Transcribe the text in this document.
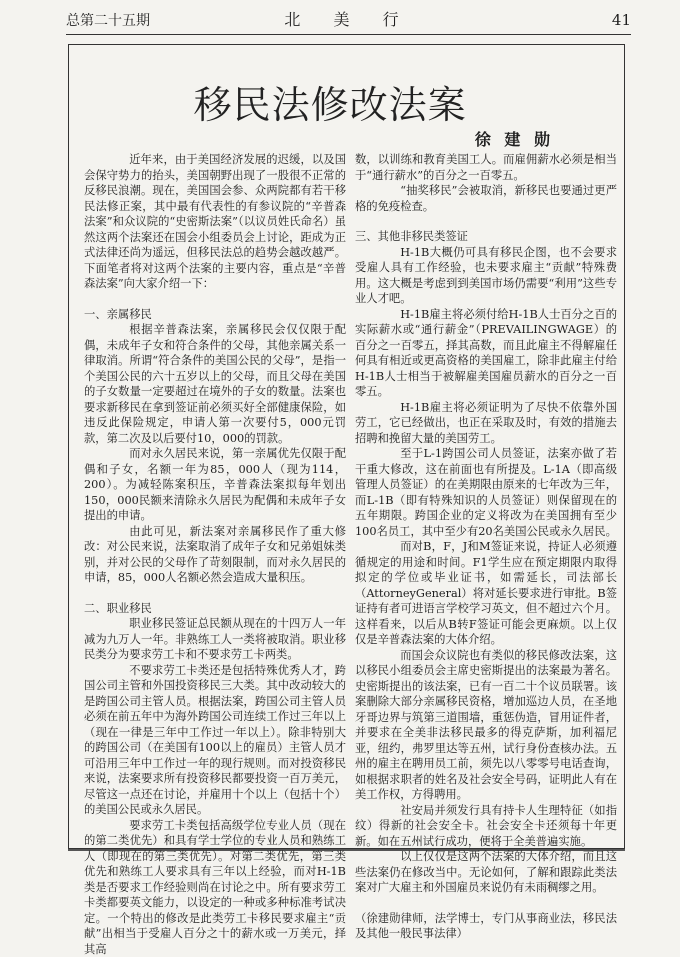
总第二十五期	北 美 行	41
移民法修改法案
徐 建 勋

近年来，由于美国经济发展的迟缓，以及国会保守势力的抬头，美国朝野出现了一股很不正常的反移民浪潮。现在，美国国会参、众两院都有若干移民法修正案，其中最有代表性的有参议院的“辛普森法案”和众议院的“史密斯法案”（以议员姓氏命名）虽然这两个法案还在国会小组委员会上讨论，距成为正式法律还尚为遥远，但移民法总的趋势会越改越严。下面笔者将对这两个法案的主要内容，重点是“辛普森法案”向大家介绍一下：

一、亲属移民

根据辛普森法案，亲属移民会仅仅限于配偶，未成年子女和符合条件的父母，其他亲属关系一律取消。所谓“符合条件的美国公民的父母”，是指一个美国公民的六十五岁以上的父母，而且父母在美国的子女数量一定要超过在境外的子女的数量。法案也要求新移民在拿到签证前必须买好全部健康保险，如违反此保险规定，申请人第一次要付5，000元罚款，第二次及以后要付10，000的罚款。

而对永久居民来说，第一亲属优先仅限于配偶和子女，名额一年为85，000人（现为114，200）。为减轻陈案积压，辛普森法案拟每年划出150，000民额来清除永久居民为配偶和未成年子女提出的申请。

由此可见，新法案对亲属移民作了重大修改：对公民来说，法案取消了成年子女和兄弟姐妹类别，并对公民的父母作了苛刻限制，而对永久居民的申请，85，000人名额必然会造成大量积压。

二、职业移民

职业移民签证总民额从现在的十四万人一年减为九万人一年。非熟练工人一类将被取消。职业移民类分为要求劳工卡和不要求劳工卡两类。

不要求劳工卡类还是包括特殊优秀人才，跨国公司主管和外国投资移民三大类。其中改动较大的是跨国公司主管人员。根据法案，跨国公司主管人员必须在前五年中为海外跨国公司连续工作过三年以上（现在一律是三年中工作过一年以上）。除非特别大的跨国公司（在美国有100以上的雇员）主管人员才可沿用三年中工作过一年的现行规则。而对投资移民来说，法案要求所有投资移民都要投资一百万美元，尽管这一点还在讨论，并雇用十个以上（包括十个）的美国公民或永久居民。

要求劳工卡类包括高级学位专业人员（现在的第二类优先）和具有学士学位的专业人员和熟练工人（即现在的第三类优先）。对第二类优先，第三类优先和熟练工人要求具有三年以上经验，而对H-1B类是否要求工作经验则尚在讨论之中。所有要求劳工卡类都要英文能力，以设定的一种或多种标准考试决定。一个特出的修改是此类劳工卡移民要求雇主“贡献”出相当于受雇人百分之十的薪水或一万美元，择其高

数，以训练和教育美国工人。而雇佣薪水必须是相当于“通行薪水”的百分之一百零五。

“抽奖移民”会被取消，新移民也要通过更严格的免疫检查。

三、其他非移民类签证

H-1B大概仍可具有移民企图，也不会要求受雇人具有工作经验，也未要求雇主“贡献”特殊费用。这大概是考虑到到美国市场仍需要“利用”这些专业人才吧。

H-1B雇主将必须付给H-1B人士百分之百的实际薪水或“通行薪金”（PREVAILINGWAGE）的百分之一百零五，择其高数，而且此雇主不得解雇任何具有相近或更高资格的美国雇工，除非此雇主付给H-1B人士相当于被解雇美国雇员薪水的百分之一百零五。

H-1B雇主将必须证明为了尽快不依靠外国劳工，它已经做出，也正在采取及时，有效的措施去招聘和挽留大量的美国劳工。

至于L-1跨国公司人员签证，法案亦做了若干重大修改，这在前面也有所提及。L-1A（即高级管理人员签证）的在美期限由原来的七年改为三年，而L-1B（即有特殊知识的人员签证）则保留现在的五年期限。跨国企业的定义将改为在美国拥有至少100名员工，其中至少有20名美国公民或永久居民。

而对B，F，J和M签证来说，持证人必须遵循规定的用途和时间。F1学生应在预定期限内取得拟定的学位或毕业证书，如需延长，司法部长（AttorneyGeneral）将对延长要求进行审批。B签证持有者可进语言学校学习英文，但不超过六个月。这样看来，以后从B转F签证可能会更麻烦。以上仅仅是辛普森法案的大体介绍。

而国会众议院也有类似的移民修改法案，这以移民小组委员会主席史密斯提出的法案最为著名。史密斯提出的该法案，已有一百二十个议员联署。该案删除大部分亲属移民资格，增加巡边人员，在圣地牙哥边界与筑第三道围墙，重惩伪造，冒用证件者，并要求在全美非法移民最多的得克萨斯，加利福尼亚，纽约，弗罗里达等五州，试行身份查核办法。五州的雇主在聘用员工前，须先以八零零号电话查询，如根据求职者的姓名及社会安全号码，证明此人有在美工作权，方得聘用。

社安局并须发行具有持卡人生理特征（如指纹）得新的社会安全卡。社会安全卡还须每十年更新。如在五州试行成功，便将于全美普遍实施。

以上仅仅是这两个法案的大体介绍，而且这些法案仍在修改当中。无论如何，了解和跟踪此类法案对广大雇主和外国雇员来说仍有未雨稠缪之用。

（徐建勋律师，法学博士，专门从事商业法，移民法及其他一般民事法律）
